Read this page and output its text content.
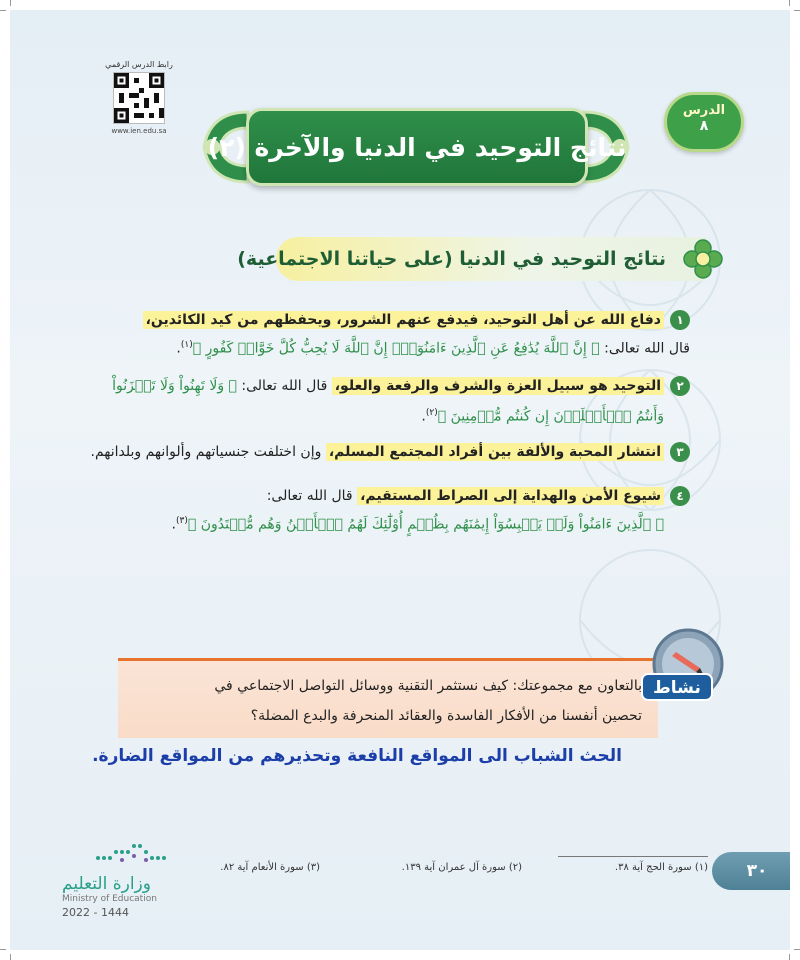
رابط الدرس الرقمي
www.ien.edu.sa
الدرس
٨
نتائج التوحيد في الدنيا والآخرة (٢)
نتائج التوحيد في الدنيا (على حياتنا الاجتماعية)
١دفاع الله عن أهل التوحيد، فيدفع عنهم الشرور، ويحفظهم من كيد الكائدين،
قال الله تعالى: ﴿ إِنَّ ٱللَّهَ يُدَٰفِعُ عَنِ ٱلَّذِينَ ءَامَنُوٓاْۗ إِنَّ ٱللَّهَ لَا يُحِبُّ كُلَّ خَوَّانٖ كَفُورٍ ﴾$^{(١)}$.
٢التوحيد هو سبيل العزة والشرف والرفعة والعلو، قال الله تعالى: ﴿ وَلَا تَهِنُواْ وَلَا تَحۡزَنُواْ
وَأَنتُمُ ٱلۡأَعۡلَوۡنَ إِن كُنتُم مُّؤۡمِنِينَ ﴾$^{(٢)}$.
٣انتشار المحبة والألفة بين أفراد المجتمع المسلم، وإن اختلفت جنسياتهم وألوانهم وبلدانهم.
٤شيوع الأمن والهداية إلى الصراط المستقيم، قال الله تعالى:
﴿ ٱلَّذِينَ ءَامَنُواْ وَلَمۡ يَلۡبِسُوٓاْ إِيمَٰنَهُم بِظُلۡمٍ أُوْلَٰٓئِكَ لَهُمُ ٱلۡأَمۡنُ وَهُم مُّهۡتَدُونَ ﴾$^{(٣)}$.
بالتعاون مع مجموعتك: كيف نستثمر التقنية ووسائل التواصل الاجتماعي في
تحصين أنفسنا من الأفكار الفاسدة والعقائد المنحرفة والبدع المضلة؟
نشاط
الحث الشباب الى المواقع النافعة وتحذيرهم من المواقع الضارة.
(١) سورة الحج آية ٣٨.
(٢) سورة آل عمران آية ١٣٩.
(٣) سورة الأنعام آية ٨٢.	٣٠
وزارة التعليم
Ministry of Education
2022 - 1444
